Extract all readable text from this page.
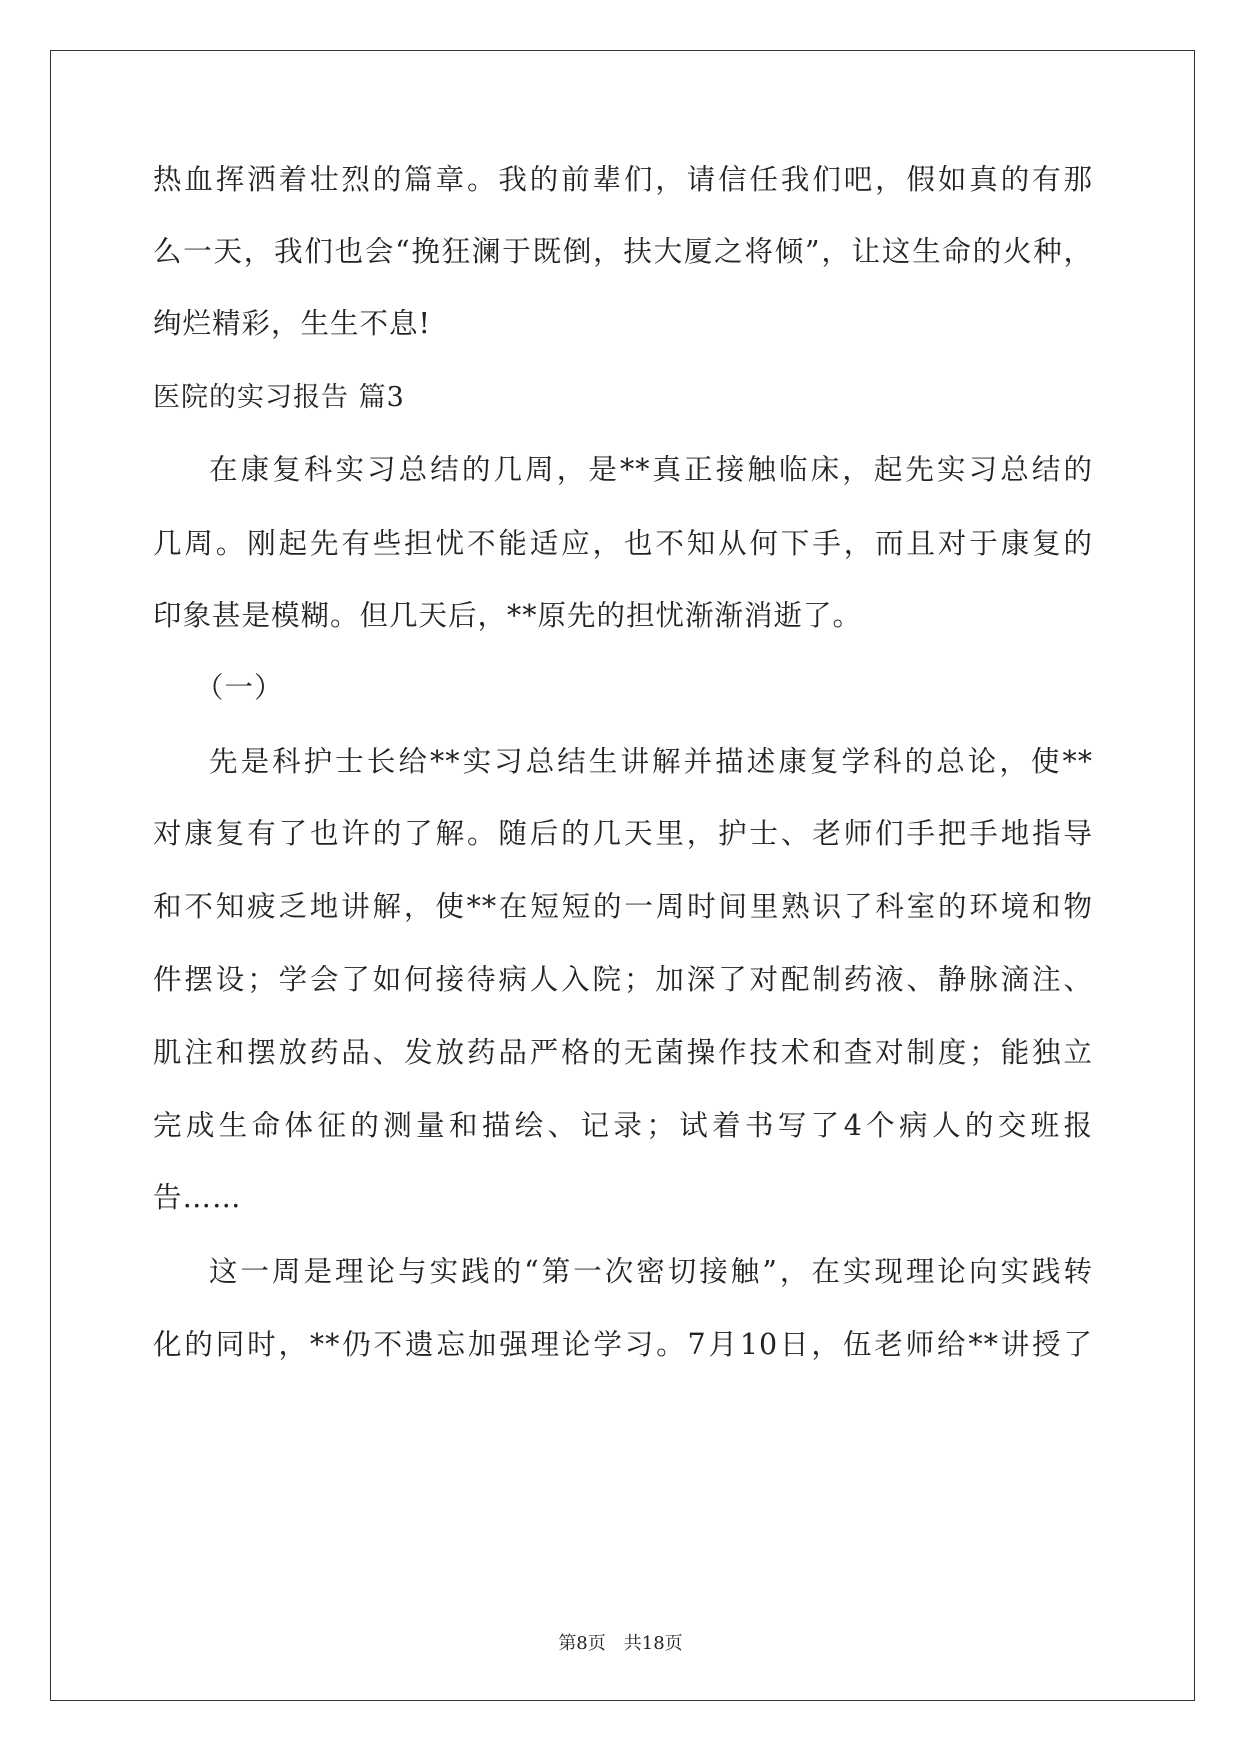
热血挥洒着壮烈的篇章。我的前辈们，请信任我们吧，假如真的有那
么一天，我们也会“挽狂澜于既倒，扶大厦之将倾”，让这生命的火种，
绚烂精彩，生生不息!
医院的实习报告 篇3
在康复科实习总结的几周，是**真正接触临床，起先实习总结的
几周。刚起先有些担忧不能适应，也不知从何下手，而且对于康复的
印象甚是模糊。但几天后，**原先的担忧渐渐消逝了。
（一）
先是科护士长给**实习总结生讲解并描述康复学科的总论，使**
对康复有了也许的了解。随后的几天里，护士、老师们手把手地指导
和不知疲乏地讲解，使**在短短的一周时间里熟识了科室的环境和物
件摆设；学会了如何接待病人入院；加深了对配制药液、静脉滴注、
肌注和摆放药品、发放药品严格的无菌操作技术和查对制度；能独立
完成生命体征的测量和描绘、记录；试着书写了4个病人的交班报
告……
这一周是理论与实践的“第一次密切接触”，在实现理论向实践转
化的同时，**仍不遗忘加强理论学习。7月10日，伍老师给**讲授了
第8页　共18页
